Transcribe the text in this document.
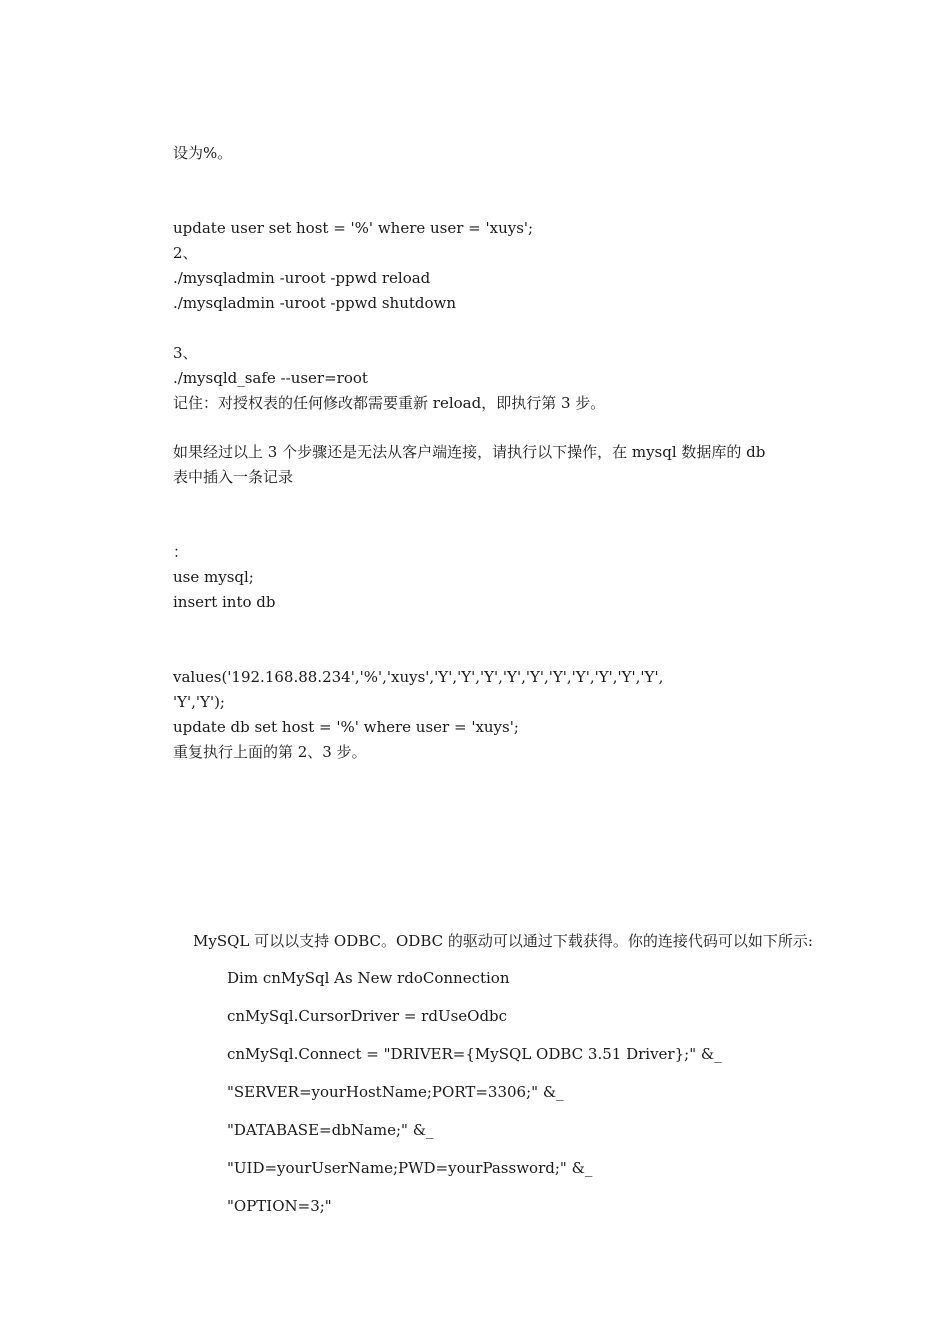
设为%。
update user set host = '%' where user = 'xuys';
2、
./mysqladmin -uroot -ppwd reload
./mysqladmin -uroot -ppwd shutdown
3、
./mysqld_safe --user=root
记住：对授权表的任何修改都需要重新 reload，即执行第 3 步。
如果经过以上 3 个步骤还是无法从客户端连接，请执行以下操作，在 mysql 数据库的 db
表中插入一条记录
：
use mysql;
insert into db
values('192.168.88.234','%','xuys','Y','Y','Y','Y','Y','Y','Y','Y','Y','Y',
'Y','Y');
update db set host = '%' where user = 'xuys';
重复执行上面的第 2、3 步。
MySQL 可以以支持 ODBC。ODBC 的驱动可以通过下载获得。你的连接代码可以如下所示:
Dim cnMySql As New rdoConnection
cnMySql.CursorDriver = rdUseOdbc
cnMySql.Connect = "DRIVER={MySQL ODBC 3.51 Driver};" &_
"SERVER=yourHostName;PORT=3306;" &_
"DATABASE=dbName;" &_
"UID=yourUserName;PWD=yourPassword;" &_
"OPTION=3;"
